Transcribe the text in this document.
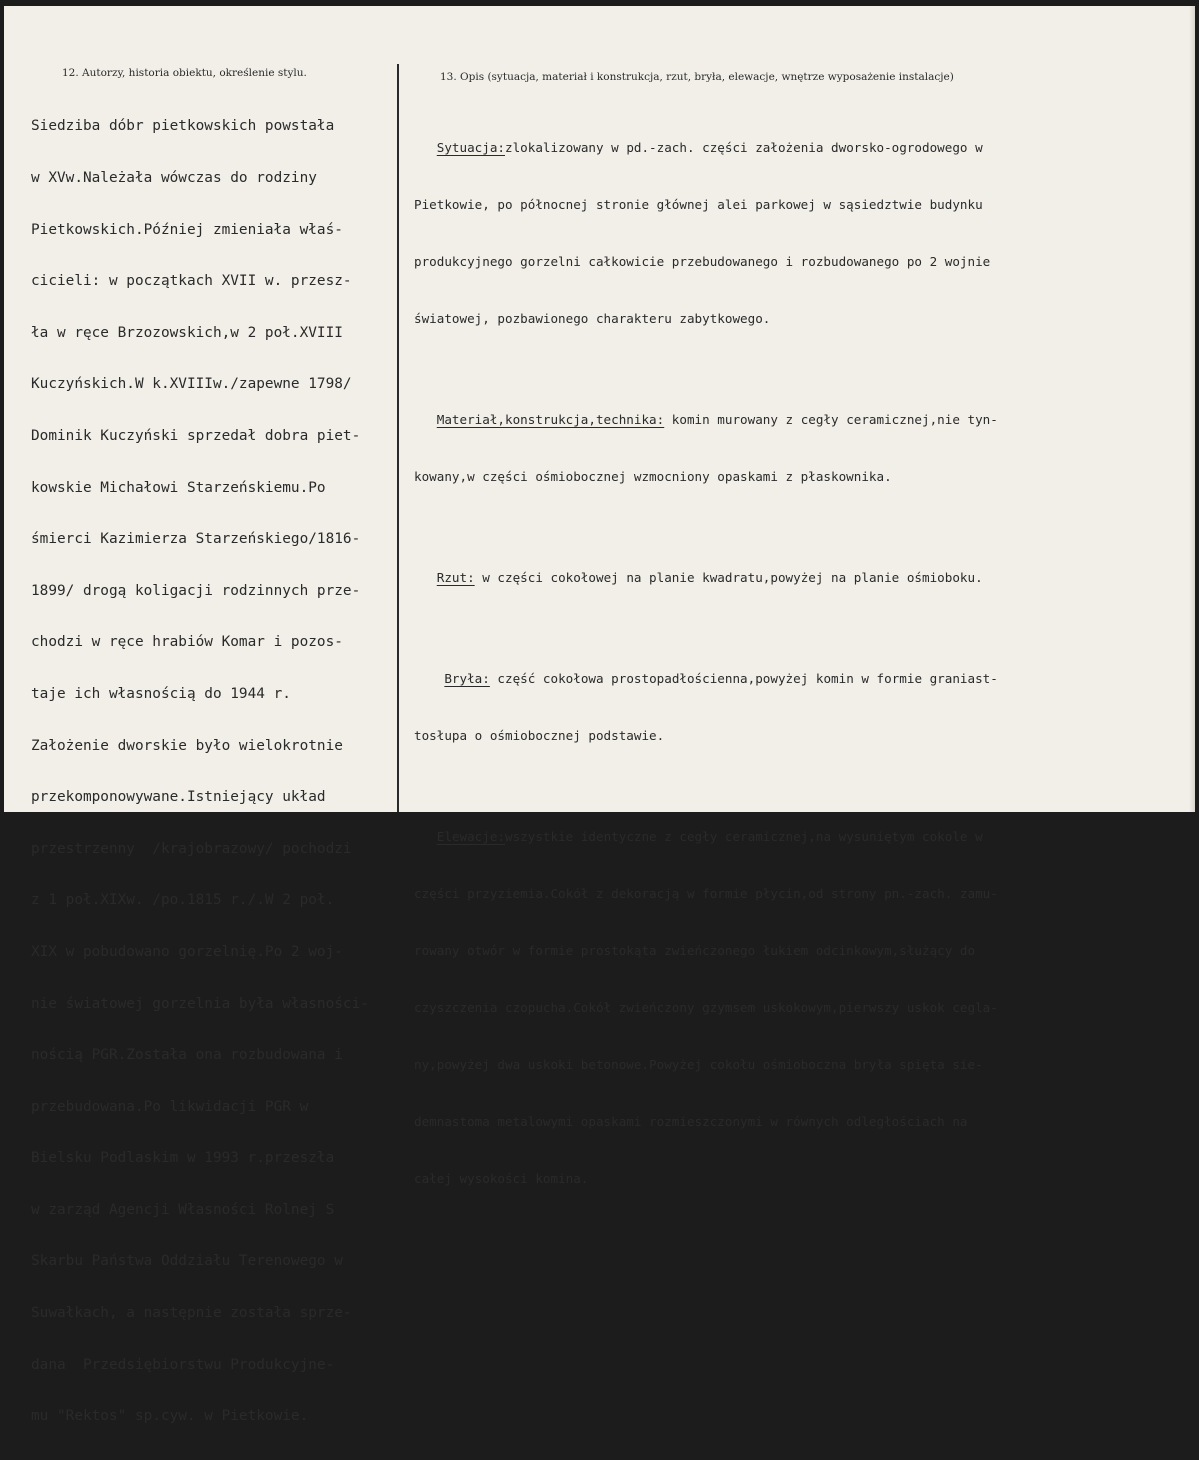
12. Autorzy, historia obiektu, określenie stylu.	13. Opis (sytuacja, materiał i konstrukcja, rzut, bryła, elewacje, wnętrze wyposażenie instalacje)

Siedziba dóbr pietkowskich powstała

w XVw.Należała wówczas do rodziny

Pietkowskich.Później zmieniała właś-

cicieli: w początkach XVII w. przesz-

ła w ręce Brzozowskich,w 2 poł.XVIII

Kuczyńskich.W k.XVIIIw./zapewne 1798/

Dominik Kuczyński sprzedał dobra piet-

kowskie Michałowi Starzeńskiemu.Po

śmierci Kazimierza Starzeńskiego/1816-

1899/ drogą koligacji rodzinnych prze-

chodzi w ręce hrabiów Komar i pozos-

taje ich własnością do 1944 r.

Założenie dworskie było wielokrotnie

przekomponowywane.Istniejący układ

przestrzenny  /krajobrazowy/ pochodzi

z 1 poł.XIXw. /po.1815 r./.W 2 poł.

XIX w pobudowano gorzelnię.Po 2 woj-

nie światowej gorzelnia była własności-

nością PGR.Została ona rozbudowana i

przebudowana.Po likwidacji PGR w

Bielsku Podlaskim w 1993 r.przeszła

w zarząd Agencji Własności Rolnej S

Skarbu Państwa Oddziału Terenowego w

Suwałkach, a następnie została sprze-

dana  Przedsiębiorstwu Produkcyjne-

mu "Rektos" sp.cyw. w Pietkowie.

Sytuacja:zlokalizowany w pd.-zach. części założenia dworsko-ogrodowego w

Pietkowie, po północnej stronie głównej alei parkowej w sąsiedztwie budynku

produkcyjnego gorzelni całkowicie przebudowanego i rozbudowanego po 2 wojnie

światowej, pozbawionego charakteru zabytkowego.

Materiał,konstrukcja,technika: komin murowany z cegły ceramicznej,nie tyn-

kowany,w części ośmiobocznej wzmocniony opaskami z płaskownika.

Rzut: w części cokołowej na planie kwadratu,powyżej na planie ośmioboku.

Bryła: część cokołowa prostopadłościenna,powyżej komin w formie graniast-

tosłupa o ośmiobocznej podstawie.

Elewacje:wszystkie identyczne z cegły ceramicznej,na wysuniętym cokole w

części przyziemia.Cokół z dekoracją w formie płycin,od strony pn.-zach. zamu-

rowany otwór w formie prostokąta zwieńczonego łukiem odcinkowym,służący do

czyszczenia czopucha.Cokół zwieńczony gzymsem uskokowym,pierwszy uskok cegla-

ny,powyżej dwa uskoki betonowe.Powyżej cokołu ośmioboczna bryła spięta sie-

demnastoma metalowymi opaskami rozmieszczonymi w równych odległościach na

całej wysokości komina.
